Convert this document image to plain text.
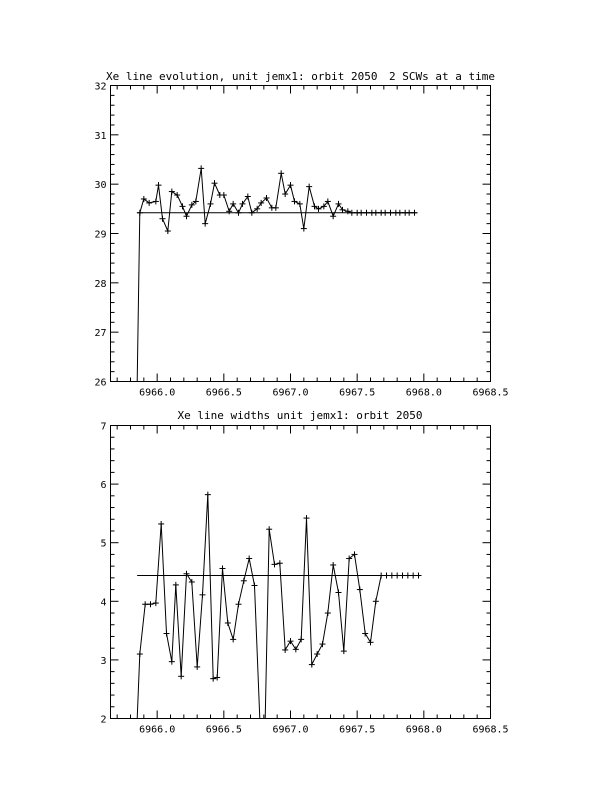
Xe line evolution, unit jemx1: orbit 2050 2 SCWs at a time
26
27
28
29
30
31
32
6966.0	6966.5	6967.0	6967.5	6968.0	6968.5
Xe line widths unit jemx1: orbit 2050
2
3
4
5
6
7
6966.0	6966.5	6967.0	6967.5	6968.0	6968.5
